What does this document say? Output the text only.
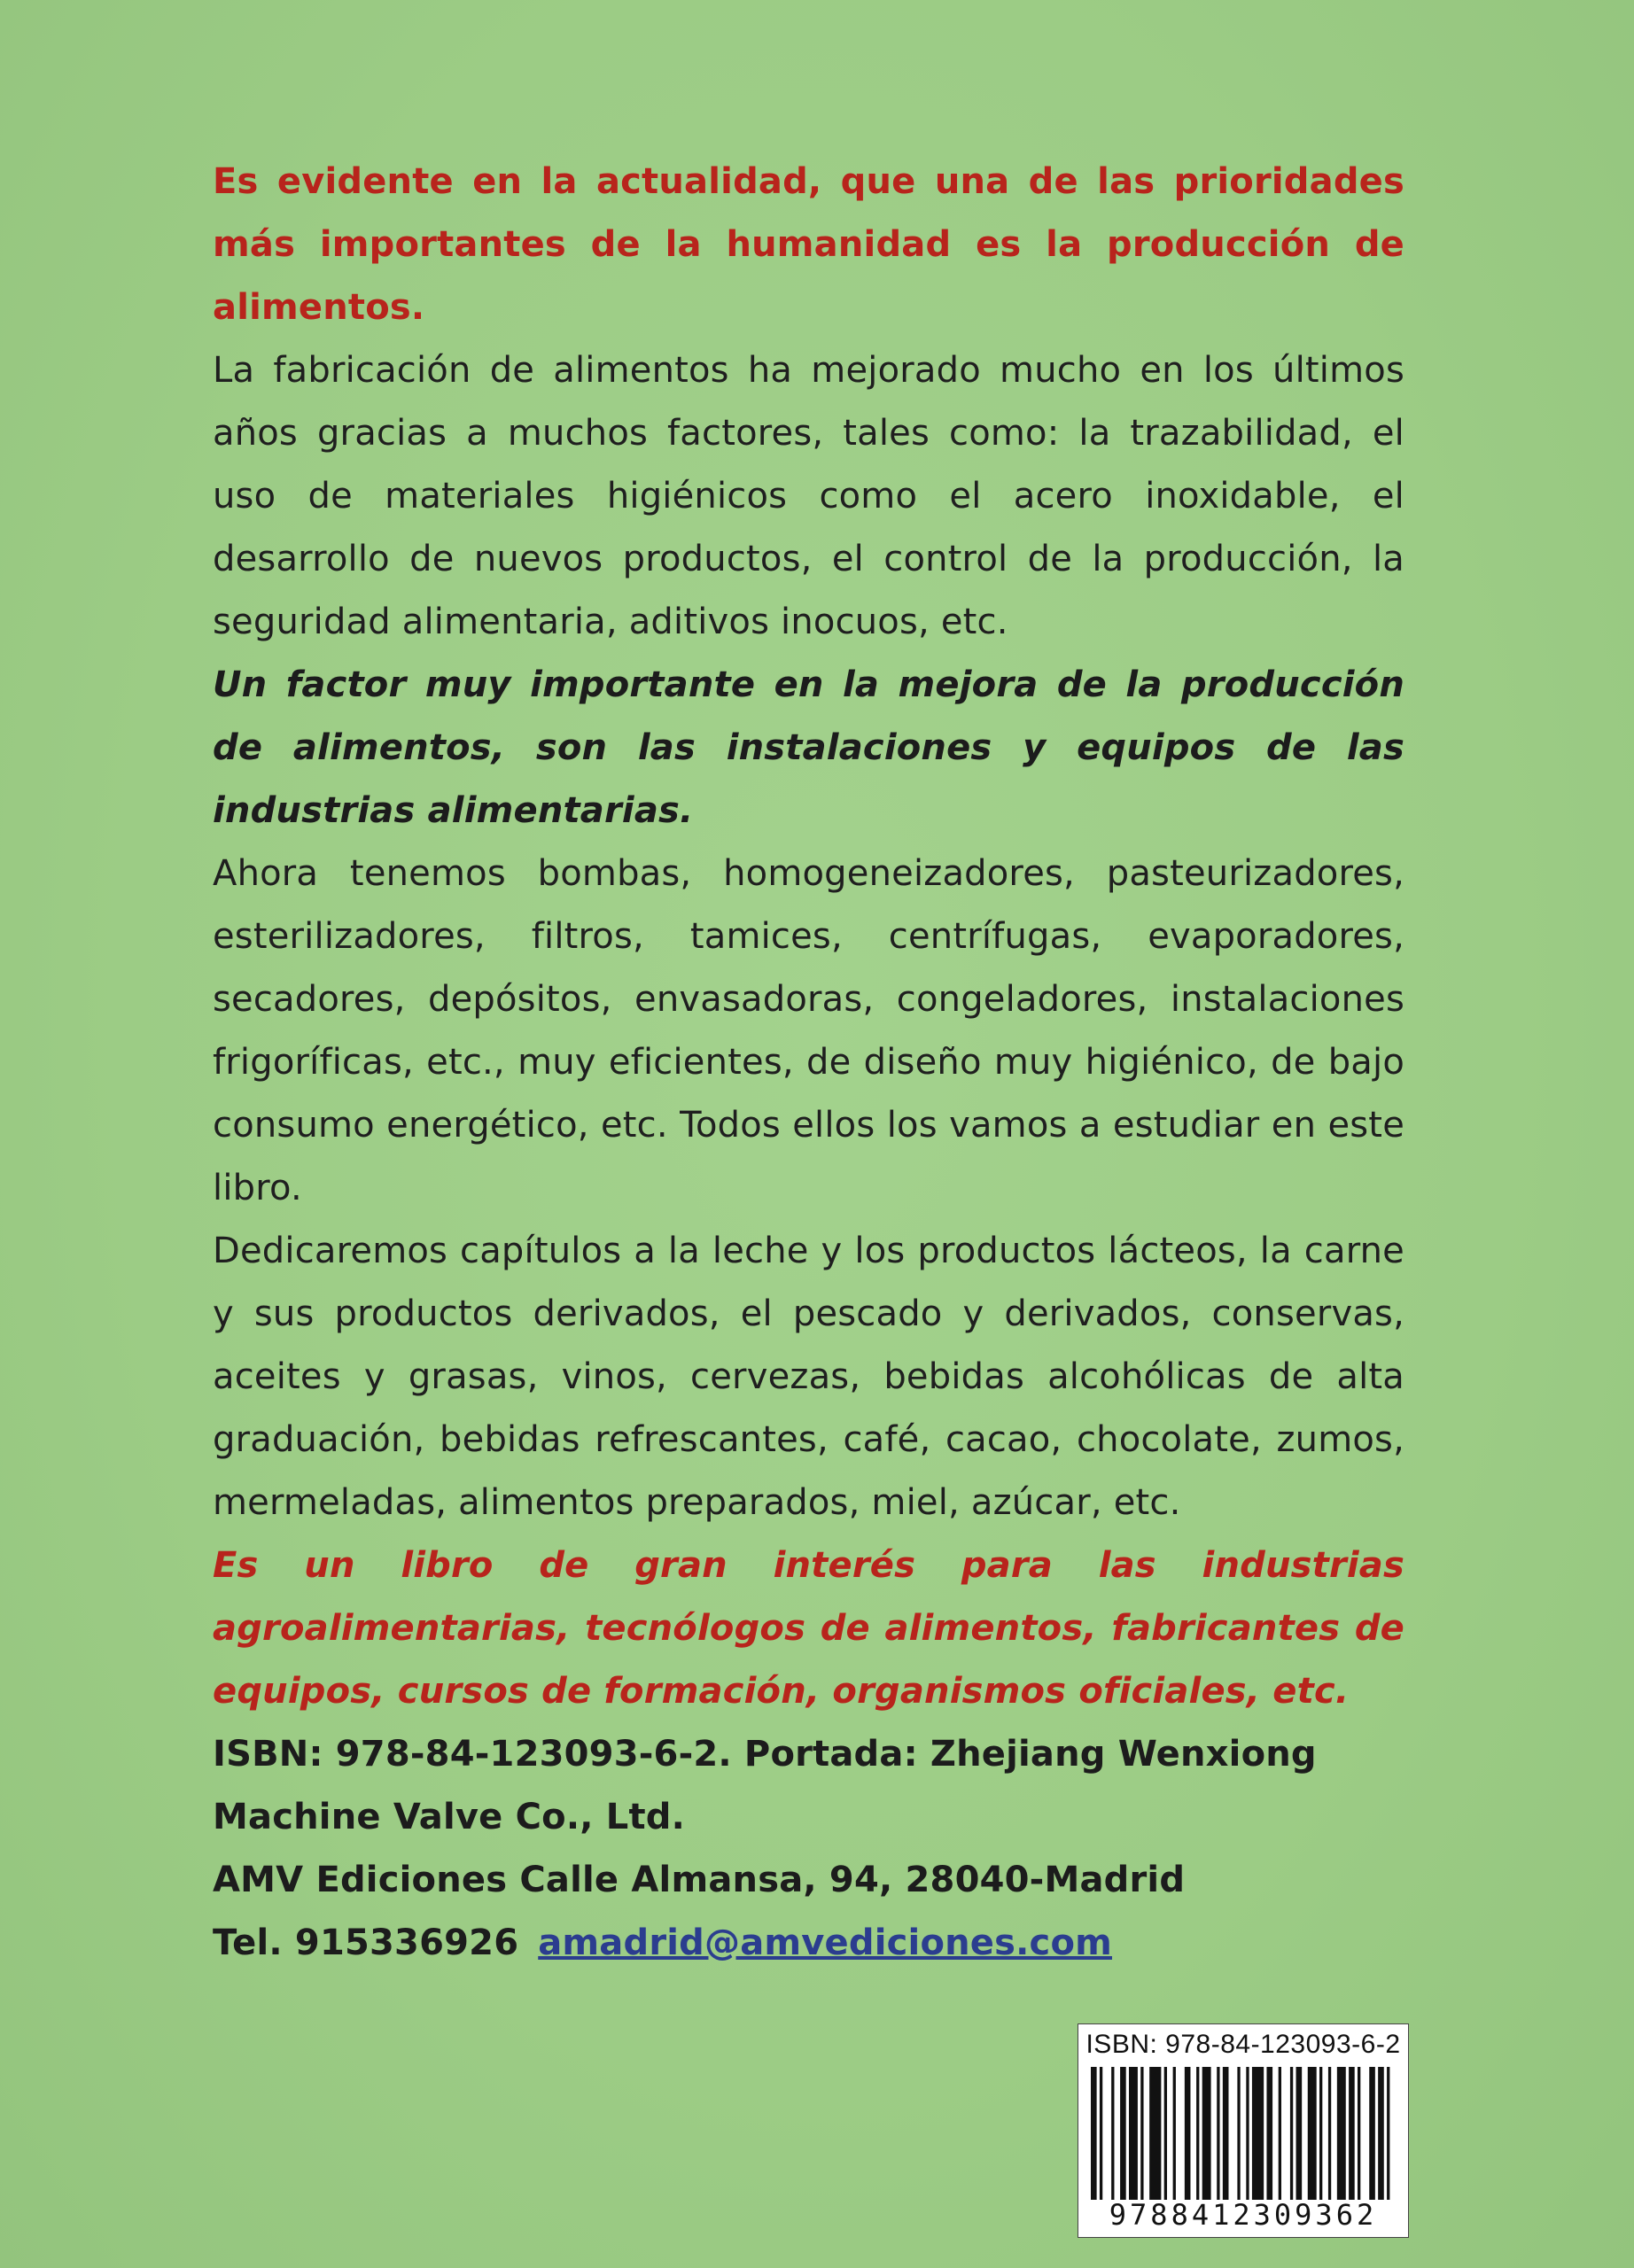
Es evidente en la actualidad, que una de las prioridades más importantes de la humanidad es la producción de alimentos.

La fabricación de alimentos ha mejorado mucho en los últimos años gracias a muchos factores, tales como: la trazabilidad, el uso de materiales higiénicos como el acero inoxidable, el desarrollo de nuevos productos, el control de la producción, la seguridad alimentaria, aditivos inocuos, etc.

Un factor muy importante en la mejora de la producción de alimentos, son las instalaciones y equipos de las industrias alimentarias.

Ahora tenemos bombas, homogeneizadores, pasteurizadores, esterilizadores, filtros, tamices, centrífugas, evaporadores, secadores, depósitos, envasadoras, congeladores, instalaciones frigoríficas, etc., muy eficientes, de diseño muy higiénico, de bajo consumo energético, etc. Todos ellos los vamos a estudiar en este libro.

Dedicaremos capítulos a la leche y los productos lácteos, la carne y sus productos derivados, el pescado y derivados, conservas, aceites y grasas, vinos, cervezas, bebidas alcohólicas de alta graduación, bebidas refrescantes, café, cacao, chocolate, zumos, mermeladas, alimentos preparados, miel, azúcar, etc.

Es un libro de gran interés para las industrias agroalimentarias, tecnólogos de alimentos, fabricantes de equipos, cursos de formación, organismos oficiales, etc.

ISBN: 978-84-123093-6-2. Portada: Zhejiang Wenxiong Machine Valve Co., Ltd.

AMV Ediciones Calle Almansa, 94, 28040-Madrid

Tel. 915336926 amadrid@amvediciones.com

ISBN: 978-84-123093-6-2
9788412309362
